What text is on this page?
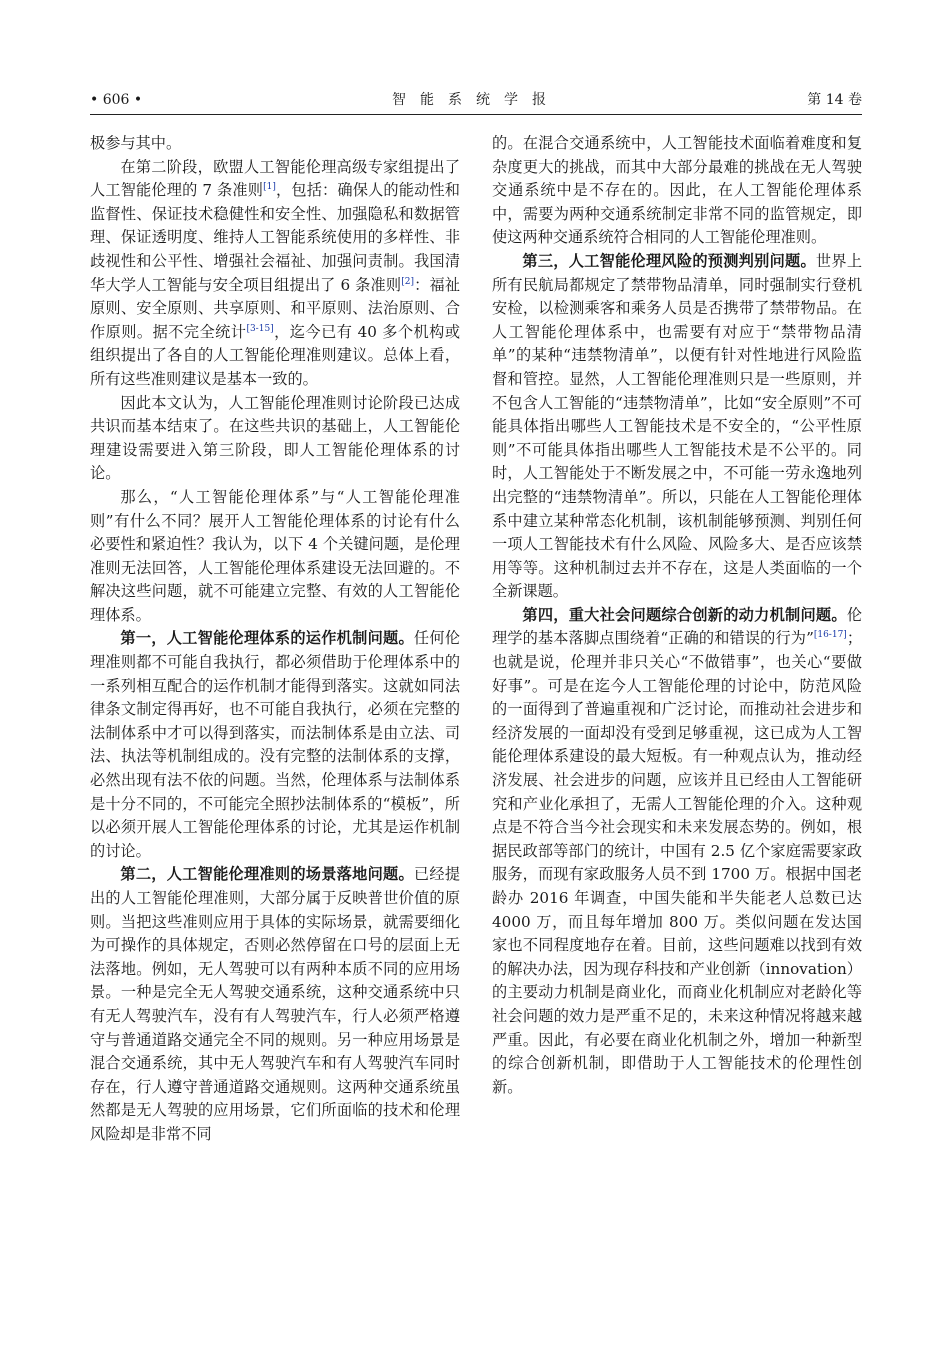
• 606 •	智能系统学报	第 14 卷

极参与其中。

在第二阶段，欧盟人工智能伦理高级专家组提出了人工智能伦理的 7 条准则[1]，包括：确保人的能动性和监督性、保证技术稳健性和安全性、加强隐私和数据管理、保证透明度、维持人工智能系统使用的多样性、非歧视性和公平性、增强社会福祉、加强问责制。我国清华大学人工智能与安全项目组提出了 6 条准则[2]：福祉原则、安全原则、共享原则、和平原则、法治原则、合作原则。据不完全统计[3-15]，迄今已有 40 多个机构或组织提出了各自的人工智能伦理准则建议。总体上看，所有这些准则建议是基本一致的。

因此本文认为，人工智能伦理准则讨论阶段已达成共识而基本结束了。在这些共识的基础上，人工智能伦理建设需要进入第三阶段，即人工智能伦理体系的讨论。

那么，“人工智能伦理体系”与“人工智能伦理准则”有什么不同？展开人工智能伦理体系的讨论有什么必要性和紧迫性？我认为，以下 4 个关键问题，是伦理准则无法回答，人工智能伦理体系建设无法回避的。不解决这些问题，就不可能建立完整、有效的人工智能伦理体系。

第一，人工智能伦理体系的运作机制问题。任何伦理准则都不可能自我执行，都必须借助于伦理体系中的一系列相互配合的运作机制才能得到落实。这就如同法律条文制定得再好，也不可能自我执行，必须在完整的法制体系中才可以得到落实，而法制体系是由立法、司法、执法等机制组成的。没有完整的法制体系的支撑，必然出现有法不依的问题。当然，伦理体系与法制体系是十分不同的，不可能完全照抄法制体系的“模板”，所以必须开展人工智能伦理体系的讨论，尤其是运作机制的讨论。

第二，人工智能伦理准则的场景落地问题。已经提出的人工智能伦理准则，大部分属于反映普世价值的原则。当把这些准则应用于具体的实际场景，就需要细化为可操作的具体规定，否则必然停留在口号的层面上无法落地。例如，无人驾驶可以有两种本质不同的应用场景。一种是完全无人驾驶交通系统，这种交通系统中只有无人驾驶汽车，没有有人驾驶汽车，行人必须严格遵守与普通道路交通完全不同的规则。另一种应用场景是混合交通系统，其中无人驾驶汽车和有人驾驶汽车同时存在，行人遵守普通道路交通规则。这两种交通系统虽然都是无人驾驶的应用场景，它们所面临的技术和伦理风险却是非常不同

的。在混合交通系统中，人工智能技术面临着难度和复杂度更大的挑战，而其中大部分最难的挑战在无人驾驶交通系统中是不存在的。因此，在人工智能伦理体系中，需要为两种交通系统制定非常不同的监管规定，即使这两种交通系统符合相同的人工智能伦理准则。

第三，人工智能伦理风险的预测判别问题。世界上所有民航局都规定了禁带物品清单，同时强制实行登机安检，以检测乘客和乘务人员是否携带了禁带物品。在人工智能伦理体系中，也需要有对应于“禁带物品清单”的某种“违禁物清单”，以便有针对性地进行风险监督和管控。显然，人工智能伦理准则只是一些原则，并不包含人工智能的“违禁物清单”，比如“安全原则”不可能具体指出哪些人工智能技术是不安全的，“公平性原则”不可能具体指出哪些人工智能技术是不公平的。同时，人工智能处于不断发展之中，不可能一劳永逸地列出完整的“违禁物清单”。所以，只能在人工智能伦理体系中建立某种常态化机制，该机制能够预测、判别任何一项人工智能技术有什么风险、风险多大、是否应该禁用等等。这种机制过去并不存在，这是人类面临的一个全新课题。

第四，重大社会问题综合创新的动力机制问题。伦理学的基本落脚点围绕着“正确的和错误的行为”[16-17]；也就是说，伦理并非只关心“不做错事”，也关心“要做好事”。可是在迄今人工智能伦理的讨论中，防范风险的一面得到了普遍重视和广泛讨论，而推动社会进步和经济发展的一面却没有受到足够重视，这已成为人工智能伦理体系建设的最大短板。有一种观点认为，推动经济发展、社会进步的问题，应该并且已经由人工智能研究和产业化承担了，无需人工智能伦理的介入。这种观点是不符合当今社会现实和未来发展态势的。例如，根据民政部等部门的统计，中国有 2.5 亿个家庭需要家政服务，而现有家政服务人员不到 1700 万。根据中国老龄办 2016 年调查，中国失能和半失能老人总数已达 4000 万，而且每年增加 800 万。类似问题在发达国家也不同程度地存在着。目前，这些问题难以找到有效的解决办法，因为现存科技和产业创新（innovation）的主要动力机制是商业化，而商业化机制应对老龄化等社会问题的效力是严重不足的，未来这种情况将越来越严重。因此，有必要在商业化机制之外，增加一种新型的综合创新机制，即借助于人工智能技术的伦理性创新。
